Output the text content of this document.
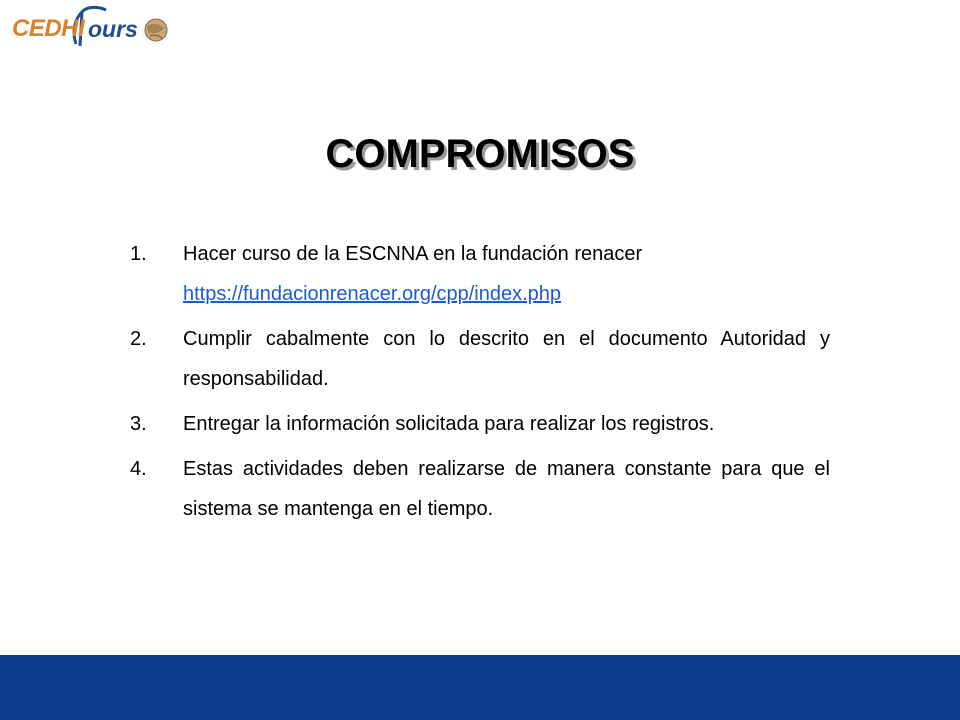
CEDHI ours
COMPROMISOS
1. Hacer curso de la ESCNNA en la fundación renacer
https://fundacionrenacer.org/cpp/index.php
2. Cumplir cabalmente con lo descrito en el documento Autoridad y responsabilidad.
3. Entregar la información solicitada para realizar los registros.
4. Estas actividades deben realizarse de manera constante para que el sistema se mantenga en el tiempo.
